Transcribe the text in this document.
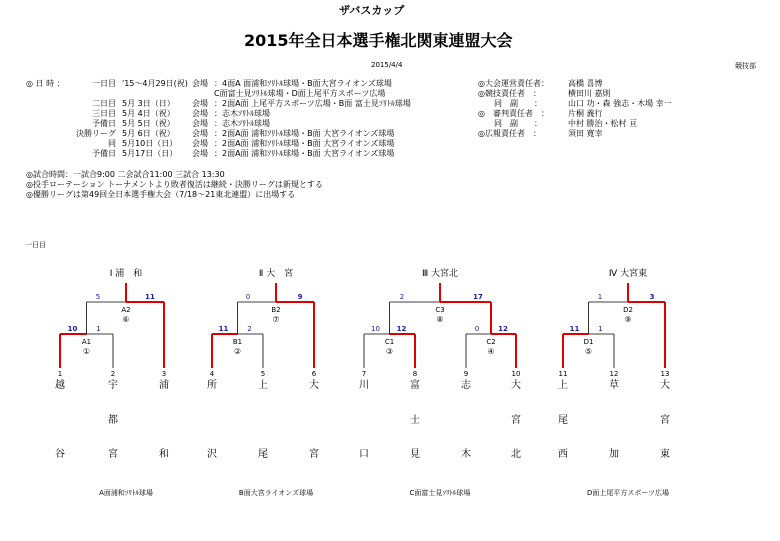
ザバスカップ
2015年全日本選手権北関東連盟大会
2015/4/4	競技部
◎ 日 時 ：	一日目	'15～4月29日(祝)	会場	：4面A 面浦和ｿﾘﾄﾙ球場・B面大宮ライオンズ球場
			C面富士見ｿﾘﾄﾙ球場・D面上尾平方スポーツ広場
二日目	5月 3日（日）	会場	：2面A面 上尾平方スポーツ広場・B面 富士見ｿﾘﾄﾙ球場
三日目	5月 4日（祝）	会場	：志木ｿﾘﾄﾙ球場
予備日	5月 5日（祝）	会場	：志木ｿﾘﾄﾙ球場
決勝リーグ	5月 6日（祝）	会場	：2面A面 浦和ｿﾘﾄﾙ球場・B面 大宮ライオンズ球場
同	5月10日（日）	会場	：2面A面 浦和ｿﾘﾄﾙ球場・B面 大宮ライオンズ球場
予備日	5月17日（日）	会場	：2面A面 浦和ｿﾘﾄﾙ球場・B面 大宮ライオンズ球場
◎試合時間：一試合9:00 二会試合11:00 三試合 13:30
◎投手ローテーション トーナメントより敗者復活は継続・決勝リーグは新規とする
◎優勝リーグは第49回全日本選手権大会（7/18～21東北連盟）に出場する
◎大会運営責任者：	高橋 喜博
◎競技責任者　：	横田川 嘉則
　　同　副　　：	山口 功・森 強志・木場 幸一
◎　審判責任者　：	片桐 義行
　　同　副　　：	中村 勝治・松村 亘
◎広報責任者　：	須田 寛幸
一日目
Ⅰ 浦　和
A面浦和ｿﾘﾄﾙ球場
1
越
谷
2
宇
都
宮
3
浦
和
A2
⑥
5	11
A1
①
10	1
Ⅱ 大　宮
B面大宮ライオンズ球場
4
所
沢
5
上
尾
6
大
宮
B2
⑦
0	9
B1
②
11	2
Ⅲ 大宮北
C面富士見ｿﾘﾄﾙ球場
7
川
口
8
富
士
見
9
志
木
10
大
宮
北
C3
⑧
2	17
C1
③
10 12
C2
④
0	12
Ⅳ 大宮東
D面上尾平方スポーツ広場
11
上
尾
西
12
草
加
13
大
宮
東
D2
⑨
1	3
D1
⑤
11	1
